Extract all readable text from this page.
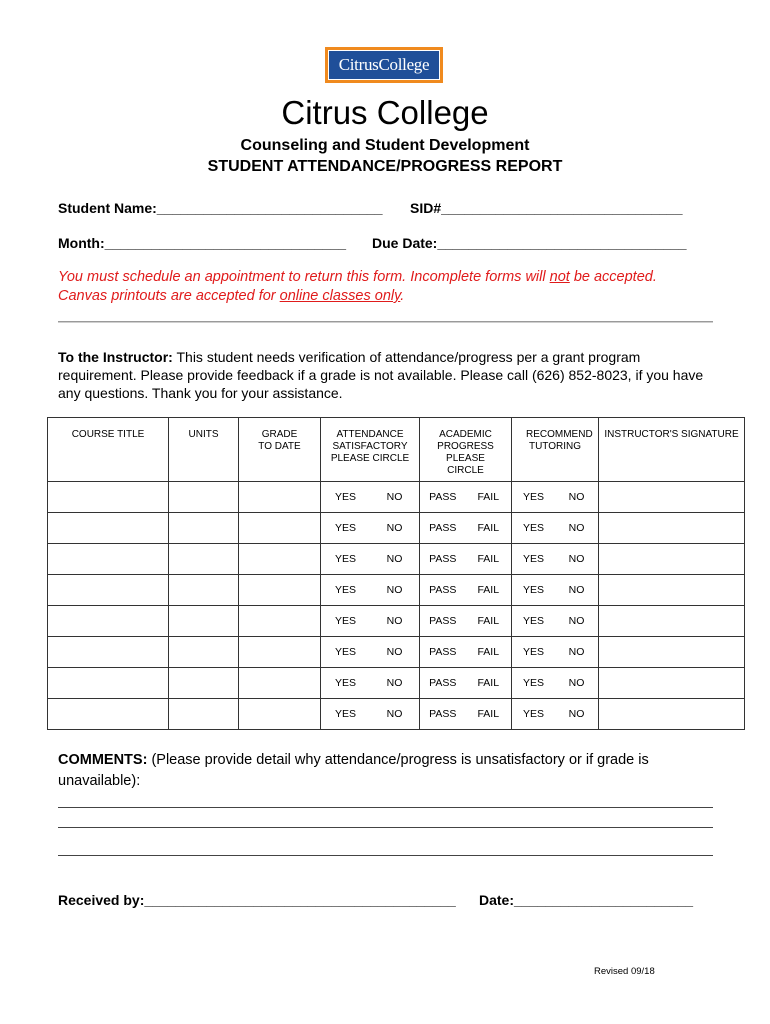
CitrusCollege
Citrus College
Counseling and Student Development
STUDENT ATTENDANCE/PROGRESS REPORT
Student Name:_____________________________ SID#_______________________________
Month:_______________________________ Due Date:________________________________
You must schedule an appointment to return this form. Incomplete forms will not be accepted.
Canvas printouts are accepted for online classes only.
To the Instructor: This student needs verification of attendance/progress per a grant program requirement. Please provide feedback if a grade is not available. Please call (626) 852-8023, if you have any questions. Thank you for your assistance.
COURSE TITLE	UNITS	GRADE TO DATE	ATTENDANCE SATISFACTORY PLEASE CIRCLE	ACADEMIC PROGRESS PLEASE CIRCLE	RECOMMEND TUTORING	INSTRUCTOR'S SIGNATURE

			YES NO	PASS FAIL	YES NO	

			YES NO	PASS FAIL	YES NO	

			YES NO	PASS FAIL	YES NO	

			YES NO	PASS FAIL	YES NO	

			YES NO	PASS FAIL	YES NO	

			YES NO	PASS FAIL	YES NO	

			YES NO	PASS FAIL	YES NO	

			YES NO	PASS FAIL	YES NO	

COMMENTS: (Please provide detail why attendance/progress is unsatisfactory or if grade is unavailable):
Received by:________________________________________ Date:_______________________
Revised 09/18
